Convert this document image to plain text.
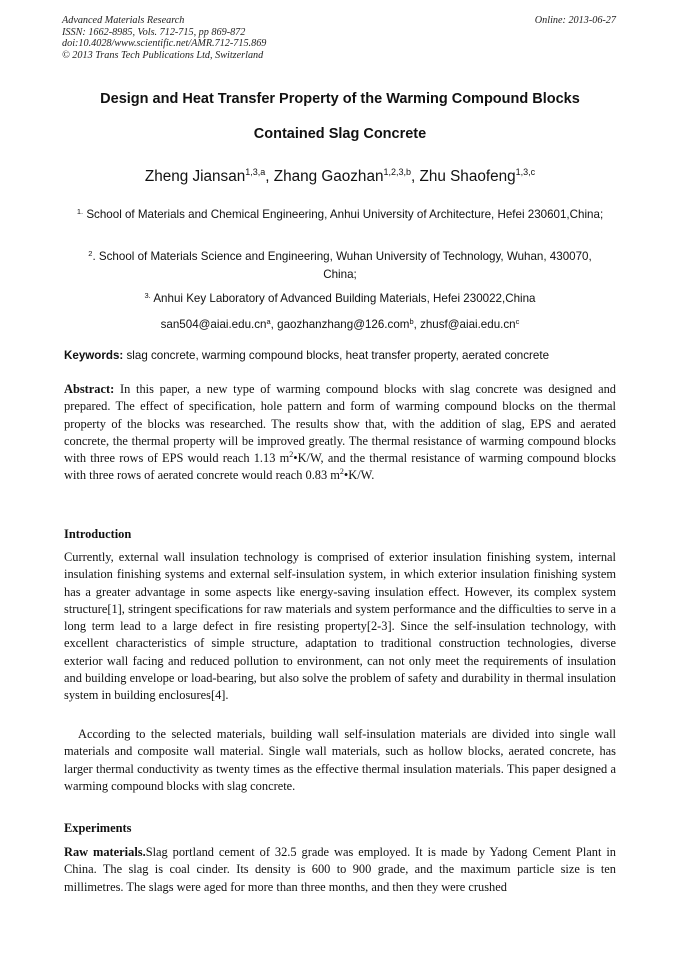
Advanced Materials Research
ISSN: 1662-8985, Vols. 712-715, pp 869-872
doi:10.4028/www.scientific.net/AMR.712-715.869
© 2013 Trans Tech Publications Ltd, Switzerland
Online: 2013-06-27
Design and Heat Transfer Property of the Warming Compound Blocks
Contained Slag Concrete
Zheng Jiansan$^{1,3,a}$, Zhang Gaozhan$^{1,2,3,b}$, Zhu Shaofeng$^{1,3,c}$
$^{1.}$ School of Materials and Chemical Engineering, Anhui University of Architecture, Hefei 230601,China;
$^2$. School of Materials Science and Engineering, Wuhan University of Technology, Wuhan, 430070, China;
$^{3.}$ Anhui Key Laboratory of Advanced Building Materials, Hefei 230022,China
$san504@aiai.edu.cn^a$, gaozhanzhang@126.com$^b$, $zhusf@aiai.edu.cn^c$
Keywords: slag concrete, warming compound blocks, heat transfer property, aerated concrete
Abstract: In this paper, a new type of warming compound blocks with slag concrete was designed and prepared. The effect of specification, hole pattern and form of warming compound blocks on the thermal property of the blocks was researched. The results show that, with the addition of slag, EPS and aerated concrete, the thermal property will be improved greatly. The thermal resistance of warming compound blocks with three rows of EPS would reach 1.13 $m^2•K/W$, and the thermal resistance of warming compound blocks with three rows of aerated concrete would reach 0.83 $m^2•K/W$.
Introduction
Currently, external wall insulation technology is comprised of exterior insulation finishing system, internal insulation finishing systems and external self-insulation system, in which exterior insulation finishing system has a greater advantage in some aspects like energy-saving insulation effect. However, its complex system structure[1], stringent specifications for raw materials and system performance and the difficulties to serve in a long term lead to a large defect in fire resisting property[2-3]. Since the self-insulation technology, with excellent characteristics of simple structure, adaptation to traditional construction technologies, diverse exterior wall facing and reduced pollution to environment, can not only meet the requirements of insulation and building envelope or load-bearing, but also solve the problem of safety and durability in thermal insulation system in building enclosures[4].
According to the selected materials, building wall self-insulation materials are divided into single wall materials and composite wall material. Single wall materials, such as hollow blocks, aerated concrete, has larger thermal conductivity as twenty times as the effective thermal insulation materials. This paper designed a warming compound blocks with slag concrete.
Experiments
Raw materials.Slag portland cement of 32.5 grade was employed. It is made by Yadong Cement Plant in China. The slag is coal cinder. Its density is 600 to 900 grade, and the maximum particle size is ten millimetres. The slags were aged for more than three months, and then they were crushed
